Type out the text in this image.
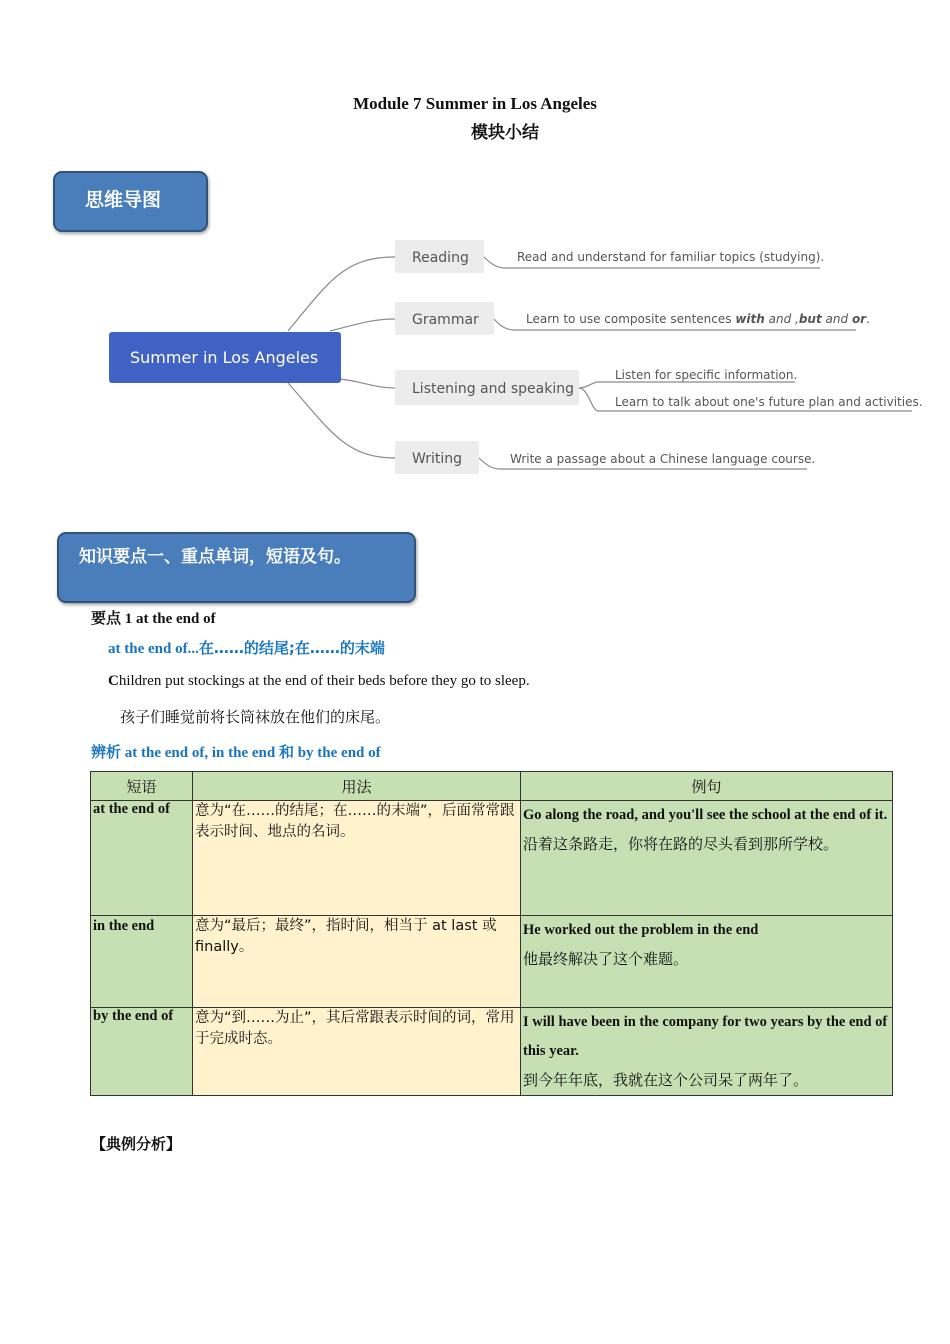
Module 7 Summer in Los Angeles
模块小结
思维导图
Summer in Los Angeles
Reading	Read and understand for familiar topics (studying).
Grammar	Learn to use composite sentences with and ,but and or.
Listening and speaking
Listen for specific information.
Learn to talk about one's future plan and activities.
Writing	Write a passage about a Chinese language course.
知识要点一、重点单词，短语及句。
要点 1 at the end of
at the end of...在……的结尾;在……的末端
Children put stockings at the end of their beds before they go to sleep.
孩子们睡觉前将长筒袜放在他们的床尾。
辨析 at the end of, in the end 和 by the end of
短语	用法	例句
at the end of	意为“在……的结尾；在……的末端”，后面常常跟表示时间、地点的名词。	Go along the road, and you'll see the school at the end of it.
沿着这条路走，你将在路的尽头看到那所学校。

in the end	意为“最后；最终”，指时间，相当于 at last 或 finally。	He worked out the problem in the end
他最终解决了这个难题。

by the end of	意为“到……为止”，其后常跟表示时间的词，常用于完成时态。	I will have been in the company for two years by the end of this year.
到今年年底，我就在这个公司呆了两年了。
【典例分析】
